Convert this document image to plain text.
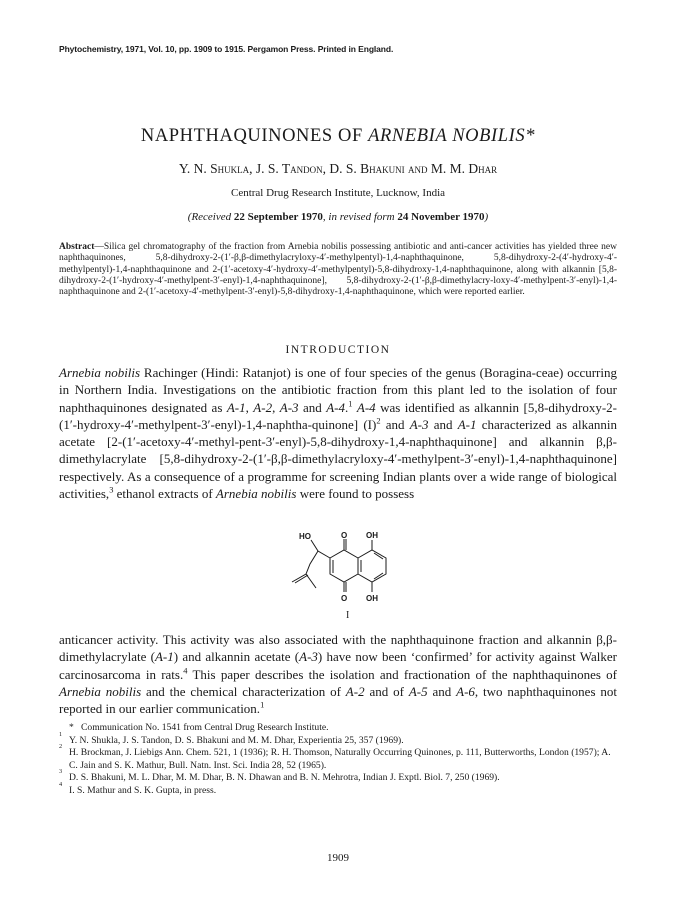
Phytochemistry, 1971, Vol. 10, pp. 1909 to 1915. Pergamon Press. Printed in England.
NAPHTHAQUINONES OF ARNEBIA NOBILIS*
Y. N. Shukla, J. S. Tandon, D. S. Bhakuni and M. M. Dhar
Central Drug Research Institute, Lucknow, India
(Received 22 September 1970, in revised form 24 November 1970)
Abstract—Silica gel chromatography of the fraction from Arnebia nobilis possessing antibiotic and anti-cancer activities has yielded three new naphthaquinones, 5,8-dihydroxy-2-(1′-β,β-dimethylacryloxy-4′-methylpentyl)-1,4-naphthaquinone, 5,8-dihydroxy-2-(4′-hydroxy-4′-methylpentyl)-1,4-naphthaquinone and 2-(1′-acetoxy-4′-hydroxy-4′-methylpentyl)-5,8-dihydroxy-1,4-naphthaquinone, along with alkannin [5,8-dihydroxy-2-(1′-hydroxy-4′-methylpent-3′-enyl)-1,4-naphthaquinone], 5,8-dihydroxy-2-(1′-β,β-dimethylacry-loxy-4′-methylpent-3′-enyl)-1,4-naphthaquinone and 2-(1′-acetoxy-4′-methylpent-3′-enyl)-5,8-dihydroxy-1,4-naphthaquinone, which were reported earlier.
INTRODUCTION
Arnebia nobilis Rachinger (Hindi: Ratanjot) is one of four species of the genus (Boragina-ceae) occurring in Northern India. Investigations on the antibiotic fraction from this plant led to the isolation of four naphthaquinones designated as A-1, A-2, A-3 and A-4.$^1$ A-4 was identified as alkannin [5,8-dihydroxy-2-(1′-hydroxy-4′-methylpent-3′-enyl)-1,4-naphtha-quinone] $(I)^2$ and A-3 and A-1 characterized as alkannin acetate [2-(1′-acetoxy-4′-methyl-pent-3′-enyl)-5,8-dihydroxy-1,4-naphthaquinone] and alkannin β,β-dimethylacrylate [5,8-dihydroxy-2-(1′-β,β-dimethylacryloxy-4′-methylpent-3′-enyl)-1,4-naphthaquinone] respectively. As a consequence of a programme for screening Indian plants over a wide range of biological activities,$^3$ ethanol extracts of Arnebia nobilis were found to possess
HO	O OH
O OH
I
anticancer activity. This activity was also associated with the naphthaquinone fraction and alkannin β,β-dimethylacrylate (A-1) and alkannin acetate (A-3) have now been ‘confirmed’ for activity against Walker carcinosarcoma in rats.$^4$ This paper describes the isolation and fractionation of the naphthaquinones of Arnebia nobilis and the chemical characterization of A-2 and of A-5 and A-6, two naphthaquinones not reported in our earlier communication.$^1$
* Communication No. 1541 from Central Drug Research Institute.
1
Y. N. Shukla, J. S. Tandon, D. S. Bhakuni and M. M. Dhar, Experientia 25, 357 (1969).
2
H. Brockman, J. Liebigs Ann. Chem. 521, 1 (1936); R. H. Thomson, Naturally Occurring Quinones, p. 111, Butterworths, London (1957); A. C. Jain and S. K. Mathur, Bull. Natn. Inst. Sci. India 28, 52 (1965).
3
D. S. Bhakuni, M. L. Dhar, M. M. Dhar, B. N. Dhawan and B. N. Mehrotra, Indian J. Exptl. Biol. 7, 250 (1969).
4
I. S. Mathur and S. K. Gupta, in press.
1909
